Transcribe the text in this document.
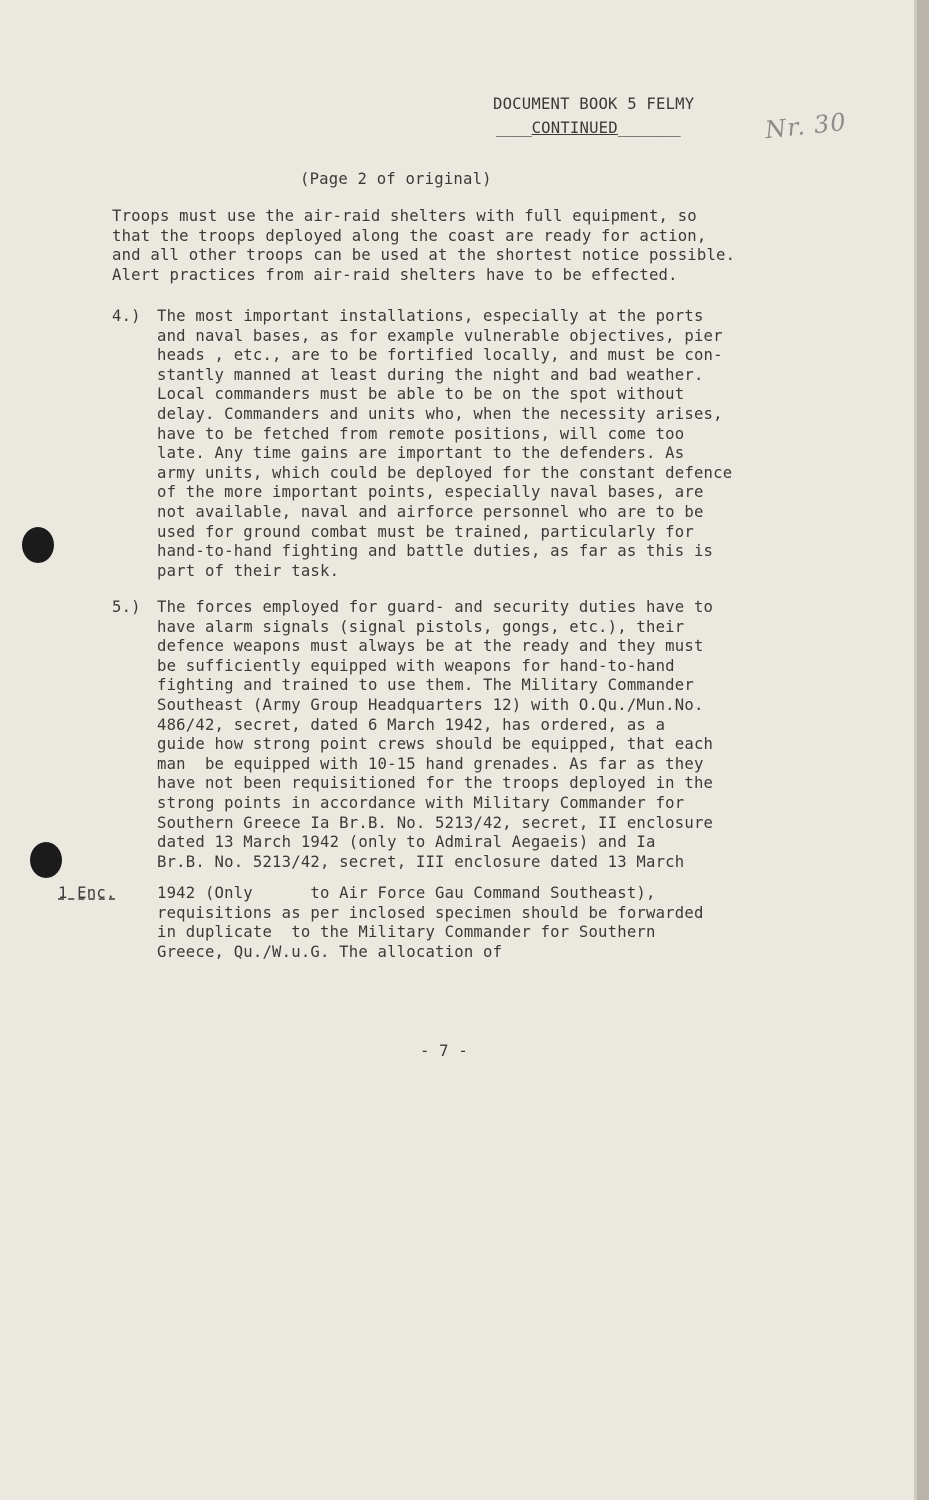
DOCUMENT BOOK 5 FELMY
____CONTINUED_______	Nr. 30
(Page 2 of original)
Troops must use the air-raid shelters with full equipment, so
that the troops deployed along the coast are ready for action,
and all other troops can be used at the shortest notice possible.
Alert practices from air-raid shelters have to be effected.
4.) The most important installations, especially at the ports
and naval bases, as for example vulnerable objectives, pier
heads , etc., are to be fortified locally, and must be con-
stantly manned at least during the night and bad weather.
Local commanders must be able to be on the spot without
delay. Commanders and units who, when the necessity arises,
have to be fetched from remote positions, will come too
late. Any time gains are important to the defenders. As
army units, which could be deployed for the constant defence
of the more important points, especially naval bases, are
not available, naval and airforce personnel who are to be
used for ground combat must be trained, particularly for
hand-to-hand fighting and battle duties, as far as this is
part of their task.
5.) The forces employed for guard- and security duties have to
have alarm signals (signal pistols, gongs, etc.), their
defence weapons must always be at the ready and they must
be sufficiently equipped with weapons for hand-to-hand
fighting and trained to use them. The Military Commander
Southeast (Army Group Headquarters 12) with O.Qu./Mun.No.
486/42, secret, dated 6 March 1942, has ordered, as a
guide how strong point crews should be equipped, that each
man  be equipped with 10-15 hand grenades. As far as they
have not been requisitioned for the troops deployed in the
strong points in accordance with Military Commander for
Southern Greece Ia Br.B. No. 5213/42, secret, II enclosure
dated 13 March 1942 (only to Admiral Aegaeis) and Ia
Br.B. No. 5213/42, secret, III enclosure dated 13 March
1 Enc.	1942 (Only      to Air Force Gau Command Southeast),
requisitions as per inclosed specimen should be forwarded
in duplicate  to the Military Commander for Southern
Greece, Qu./W.u.G. The allocation of
- 7 -
